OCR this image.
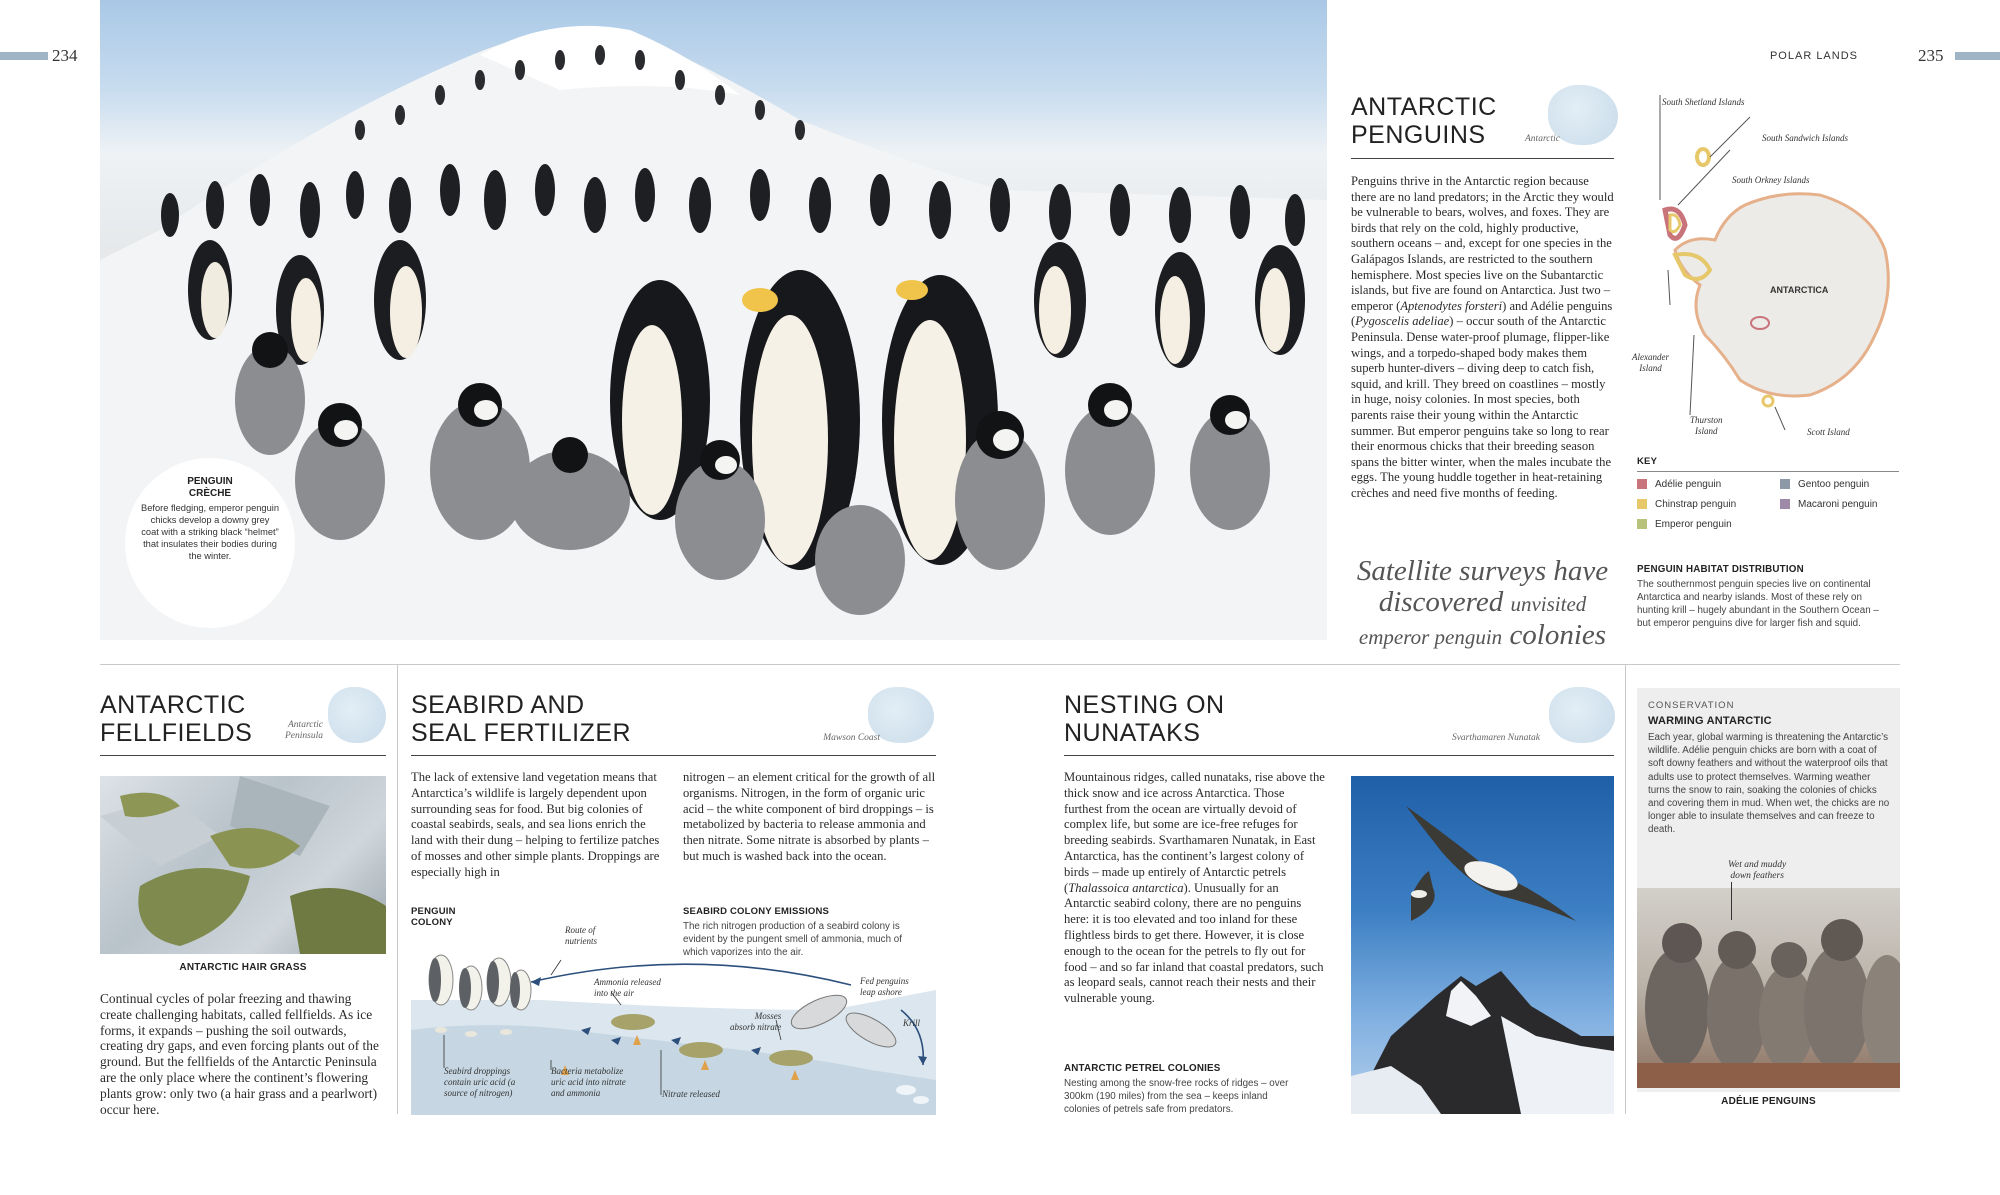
234	POLAR LANDS	235
PENGUIN
CRÈCHE
Before fledging, emperor penguin chicks develop a downy grey coat with a striking black “helmet” that insulates their bodies during the winter.
ANTARCTIC
PENGUINS	Antarctic
Penguins thrive in the Antarctic region because there are no land predators; in the Arctic they would be vulnerable to bears, wolves, and foxes. They are birds that rely on the cold, highly productive, southern oceans – and, except for one species in the Galápagos Islands, are restricted to the southern hemisphere. Most species live on the Subantarctic islands, but five are found on Antarctica. Just two – emperor (Aptenodytes forsteri) and Adélie penguins (Pygoscelis adeliae) – occur south of the Antarctic Peninsula. Dense water-proof plumage, flipper-like wings, and a torpedo-shaped body makes them superb hunter-divers – diving deep to catch fish, squid, and krill. They breed on coastlines – mostly in huge, noisy colonies. In most species, both parents raise their young within the Antarctic summer. But emperor penguins take so long to rear their enormous chicks that their breeding season spans the bitter winter, when the males incubate the eggs. The young huddle together in heat-retaining crèches and need five months of feeding.
Satellite surveys have
discovered unvisited
emperor penguin colonies
South Shetland Islands
South Sandwich Islands
South Orkney Islands
ANTARCTICA
Alexander
Island
Thurston
Island	Scott Island
KEY
Adélie penguin	Gentoo penguin
Chinstrap penguin	Macaroni penguin
Emperor penguin
PENGUIN HABITAT DISTRIBUTION
The southernmost penguin species live on continental Antarctica and nearby islands. Most of these rely on hunting krill – hugely abundant in the Southern Ocean – but emperor penguins dive for larger fish and squid.
ANTARCTIC
FELLFIELDS	Antarctic
Peninsula
ANTARCTIC HAIR GRASS
Continual cycles of polar freezing and thawing create challenging habitats, called fellfields. As ice forms, it expands – pushing the soil outwards, creating dry gaps, and even forcing plants out of the ground. But the fellfields of the Antarctic Peninsula are the only place where the continent’s flowering plants grow: only two (a hair grass and a pearlwort) occur here.
SEABIRD AND
SEAL FERTILIZER	Mawson Coast
The lack of extensive land vegetation means that Antarctica’s wildlife is largely dependent upon surrounding seas for food. But big colonies of coastal seabirds, seals, and sea lions enrich the land with their dung – helping to fertilize patches of mosses and other simple plants. Droppings are especially high in
nitrogen – an element critical for the growth of all organisms. Nitrogen, in the form of organic uric acid – the white component of bird droppings – is metabolized by bacteria to release ammonia and then nitrate. Some nitrate is absorbed by plants – but much is washed back into the ocean.
PENGUIN
COLONY
SEABIRD COLONY EMISSIONS
The rich nitrogen production of a seabird colony is evident by the pungent smell of ammonia, much of which vaporizes into the air.
Route of
nutrients
Ammonia released
into the air
Mosses
absorb nitrate
Fed penguins
leap ashore
Krill
Seabird droppings
contain uric acid (a
source of nitrogen)
Bacteria metabolize
uric acid into nitrate
and ammonia	Nitrate released
NESTING ON
NUNATAKS	Svarthamaren Nunatak
Mountainous ridges, called nunataks, rise above the thick snow and ice across Antarctica. Those furthest from the ocean are virtually devoid of complex life, but some are ice-free refuges for breeding seabirds. Svarthamaren Nunatak, in East Antarctica, has the continent’s largest colony of birds – made up entirely of Antarctic petrels (Thalassoica antarctica). Unusually for an Antarctic seabird colony, there are no penguins here: it is too elevated and too inland for these flightless birds to get there. However, it is close enough to the ocean for the petrels to fly out for food – and so far inland that coastal predators, such as leopard seals, cannot reach their nests and their vulnerable young.
ANTARCTIC PETREL COLONIES
Nesting among the snow-free rocks of ridges – over 300km (190 miles) from the sea – keeps inland colonies of petrels safe from predators.
CONSERVATION
WARMING ANTARCTIC
Each year, global warming is threatening the Antarctic’s wildlife. Adélie penguin chicks are born with a coat of soft downy feathers and without the waterproof oils that adults use to protect themselves. Warming weather turns the snow to rain, soaking the colonies of chicks and covering them in mud. When wet, the chicks are no longer able to insulate themselves and can freeze to death.
Wet and muddy
down feathers
ADÉLIE PENGUINS
